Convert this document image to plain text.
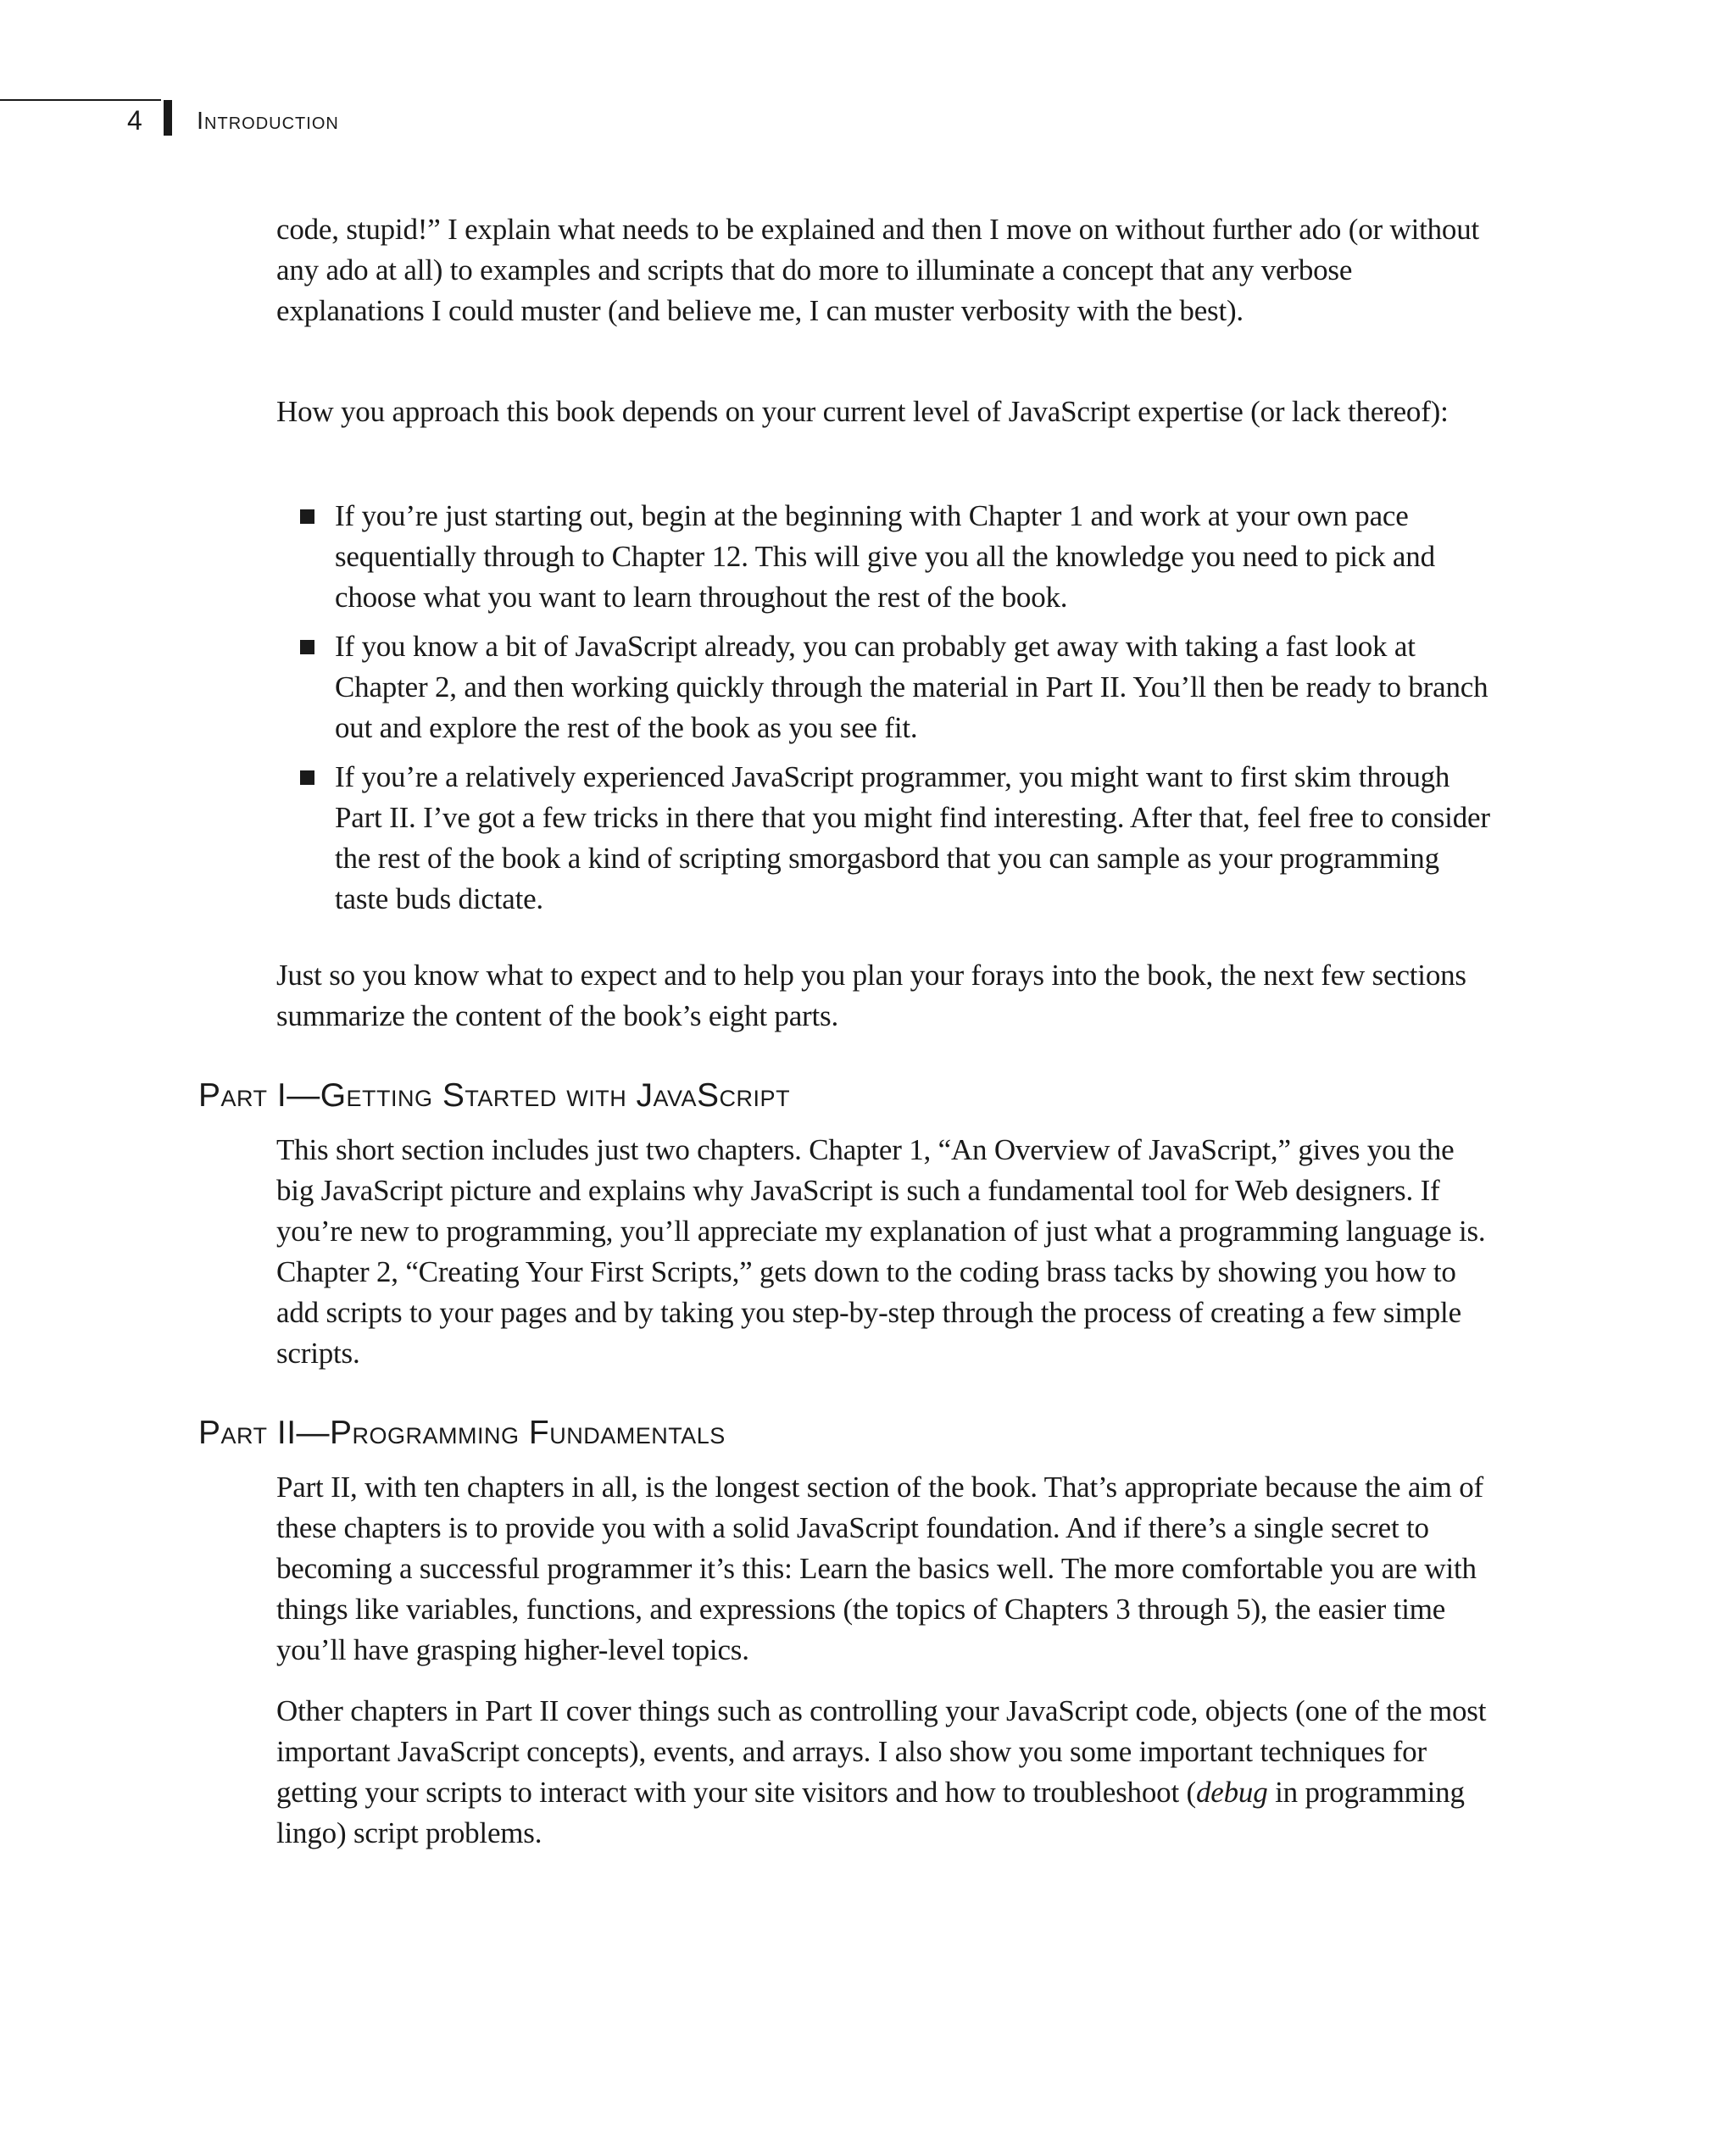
4 Introduction

code, stupid!” I explain what needs to be explained and then I move on without further ado (or without any ado at all) to examples and scripts that do more to illuminate a concept that any verbose explanations I could muster (and believe me, I can muster verbosity with the best).

How you approach this book depends on your current level of JavaScript expertise (or lack thereof):

If you’re just starting out, begin at the beginning with Chapter 1 and work at your own pace sequentially through to Chapter 12. This will give you all the knowledge you need to pick and choose what you want to learn throughout the rest of the book.
If you know a bit of JavaScript already, you can probably get away with taking a fast look at Chapter 2, and then working quickly through the material in Part II. You’ll then be ready to branch out and explore the rest of the book as you see fit.
If you’re a relatively experienced JavaScript programmer, you might want to first skim through Part II. I’ve got a few tricks in there that you might find interesting. After that, feel free to consider the rest of the book a kind of scripting smorgasbord that you can sample as your programming taste buds dictate.

Just so you know what to expect and to help you plan your forays into the book, the next few sections summarize the content of the book’s eight parts.

Part I—Getting Started with JavaScript

This short section includes just two chapters. Chapter 1, “An Overview of JavaScript,” gives you the big JavaScript picture and explains why JavaScript is such a fundamental tool for Web designers. If you’re new to programming, you’ll appreciate my explanation of just what a programming language is. Chapter 2, “Creating Your First Scripts,” gets down to the coding brass tacks by showing you how to add scripts to your pages and by taking you step-by-step through the process of creating a few simple scripts.

Part II—Programming Fundamentals

Part II, with ten chapters in all, is the longest section of the book. That’s appropriate because the aim of these chapters is to provide you with a solid JavaScript foundation. And if there’s a single secret to becoming a successful programmer it’s this: Learn the basics well. The more comfortable you are with things like variables, functions, and expressions (the topics of Chapters 3 through 5), the easier time you’ll have grasping higher-level topics.

Other chapters in Part II cover things such as controlling your JavaScript code, objects (one of the most important JavaScript concepts), events, and arrays. I also show you some important techniques for getting your scripts to interact with your site visitors and how to troubleshoot (debug in programming lingo) script problems.
